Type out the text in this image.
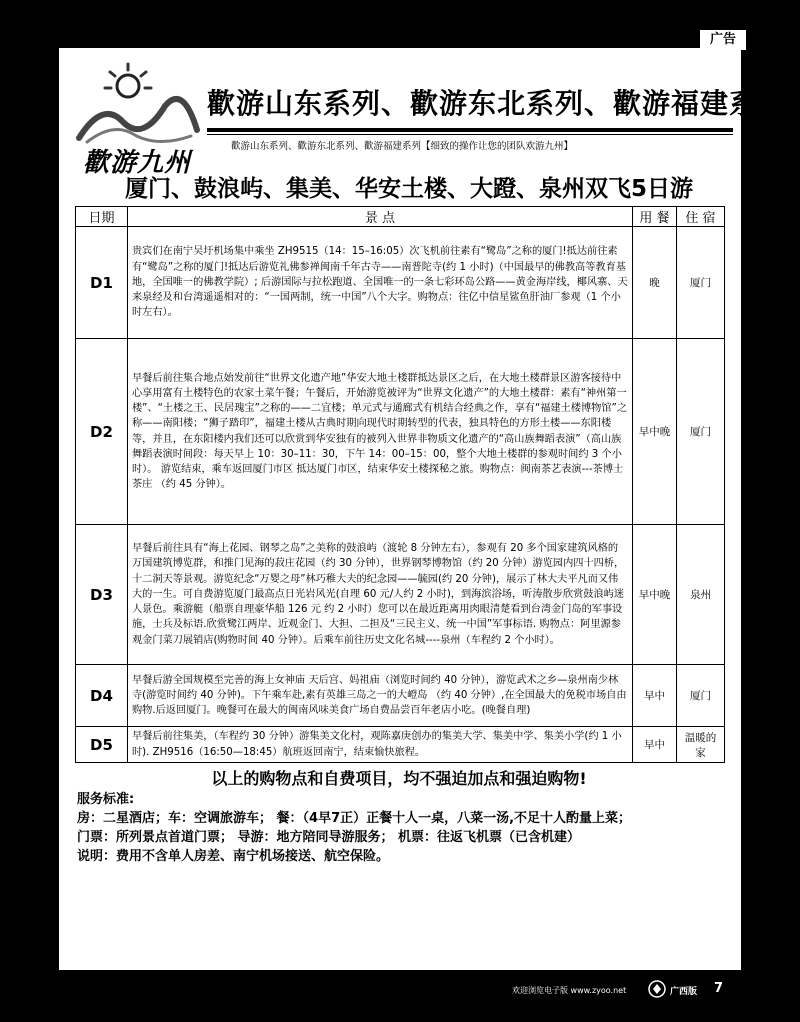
广告
歡游九州
歡游山东系列、歡游东北系列、歡游福建系列
歡游山东系列、歡游东北系列、歡游福建系列【细致的操作让您的团队欢游九州】
厦门、鼓浪屿、集美、华安土楼、大蹬、泉州双飞5日游
日期	景 点	用 餐	住 宿
D1	贵宾们在南宁吴圩机场集中乘坐 ZH9515（14：15–16:05）次飞机前往素有“鹭岛”之称的厦门!抵达前往素有“鹭岛”之称的厦门!抵达后游览礼佛参禅闽南千年古寺——南普陀寺(约 1 小时)（中国最早的佛教高等教育基地，全国唯一的佛教学院）; 后游国际与拉松跑道、全国唯一的一条七彩环岛公路——黄金海岸线，椰风寨、天来泉经及和台湾遥遥相对的：“一国两制，统一中国”八个大字。购物点：往亿中信星鲨鱼肝油厂参观（1 个小时左右）。	晚	厦门
D2	早餐后前往集合地点始发前往“世界文化遗产地”华安大地土楼群抵达景区之后，在大地土楼群景区游客接待中心享用富有土楼特色的农家土菜午餐；午餐后，开始游览被评为“世界文化遗产”的大地土楼群：素有“神州第一楼”、“土楼之王、民居瑰宝”之称的——二宜楼；单元式与通廊式有机结合经典之作，享有“福建土楼博物馆”之称——南阳楼；“狮子踏印”，福建土楼从古典时期向现代时期转型的代表，独具特色的方形土楼——东阳楼等，并且，在东阳楼内我们还可以欣赏到华安独有的被列入世界非物质文化遗产的“高山族舞蹈表演”（高山族舞蹈表演时间段：每天早上 10：30–11：30，下午 14：00–15：00，整个大地土楼群的参观时间约 3 个小时）。 游览结束，乘车返回厦门市区 抵达厦门市区，结束华安土楼探秘之旅。购物点：闽南茶艺表演---茶博士茶庄 （约 45 分钟）。	早中晚	厦门
D3	早餐后前往具有“海上花园、钢琴之岛”之美称的鼓浪屿（渡轮 8 分钟左右），参观有 20 多个国家建筑风格的万国建筑博览群，和推门见海的菽庄花园（约 30 分钟），世界钢琴博物馆（约 20 分钟）游览园内四十四桥，十二洞天等景观。游览纪念“万婴之母”林巧稚大夫的纪念园——毓园(约 20 分钟)，展示了林大夫平凡而又伟大的一生。可自费游览厦门最高点日光岩风光(自理 60 元/人约 2 小时)，到海滨浴场，听涛散步欣赏鼓浪屿迷人景色。乘游艇（船票自理豪华船 126 元 约 2 小时）您可以在最近距离用肉眼清楚看到台湾金门岛的军事设施，士兵及标语.欣赏鹭江两岸、近观金门、大担、二担及“三民主义、统一中国”军事标语. 购物点：阿里源参观金门菜刀展销店(购物时间 40 分钟）。后乘车前往历史文化名城----泉州（车程约 2 个小时）。	早中晚	泉州
D4	早餐后游全国规模至完善的海上女神庙 天后宫、妈祖庙（浏览时间约 40 分钟），游览武术之乡—泉州南少林寺(游览时间约 40 分钟)。下午乘车赴,素有英雄三岛之一的大嶝岛 （约 40 分钟）,在全国最大的免税市场自由购物.后返回厦门。晚餐可在最大的闽南风味美食广场自费品尝百年老店小吃。(晚餐自理)	早中	厦门
D5	早餐后前往集美，（车程约 30 分钟）游集美文化村，观陈嘉庚创办的集美大学、集美中学、集美小学(约 1 小时). ZH9516（16:50—18:45）航班返回南宁，结束愉快旅程。	早中	温暖的家
以上的购物点和自费项目，均不强迫加点和强迫购物!
服务标准:
房：二星酒店；车：空调旅游车； 餐：（4早7正）正餐十人一桌，八菜一汤,不足十人酌量上菜；
门票：所列景点首道门票； 导游：地方陪同导游服务； 机票：往返飞机票（已含机建）
说明：费用不含单人房差、南宁机场接送、航空保险。
广西负责人：陆贞贞13481038977、13471173175 MSN：bellydance520@hotmail.com
东北工作QQ：61374849、179652067、980869448、997482697 财务：韦妙
福建工作QQ：814320458、1165075596、410074014、153011301
计 调：梁甜18777168300、谢立丽18777168200、颜芳18777168500
办 公 电 话：0771-2854020、5650584、2586567 传 真：0771-2854020
地 址：南宁市新民路40号广西国旅风情旅游部
欢迎浏览电子版 www.zyoo.net	广西版 7
